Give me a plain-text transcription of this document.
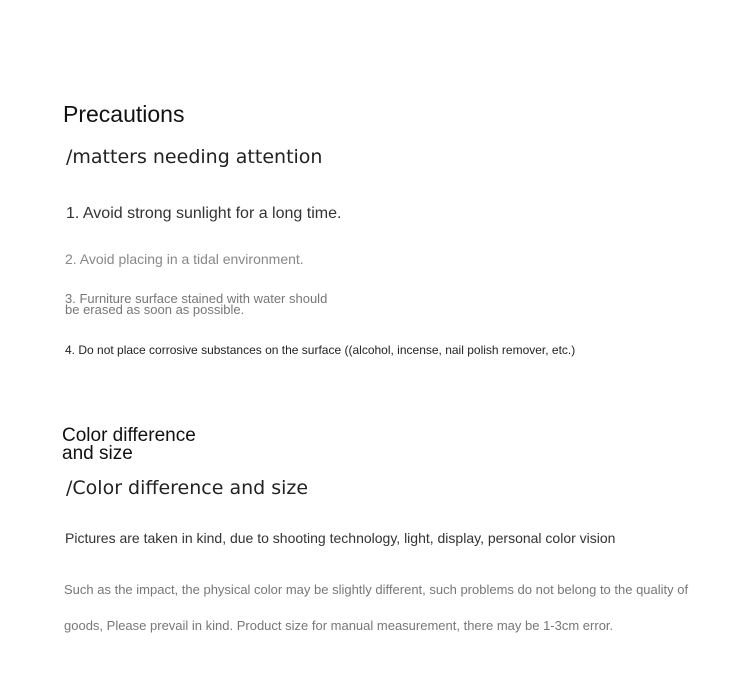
Precautions
/matters needing attention
1. Avoid strong sunlight for a long time.
2. Avoid placing in a tidal environment.
3. Furniture surface stained with water should
be erased as soon as possible.
4. Do not place corrosive substances on the surface ((alcohol, incense, nail polish remover, etc.)
Color difference
and size
/Color difference and size
Pictures are taken in kind, due to shooting technology, light, display, personal color vision
Such as the impact, the physical color may be slightly different, such problems do not belong to the quality of
goods, Please prevail in kind. Product size for manual measurement, there may be 1-3cm error.
